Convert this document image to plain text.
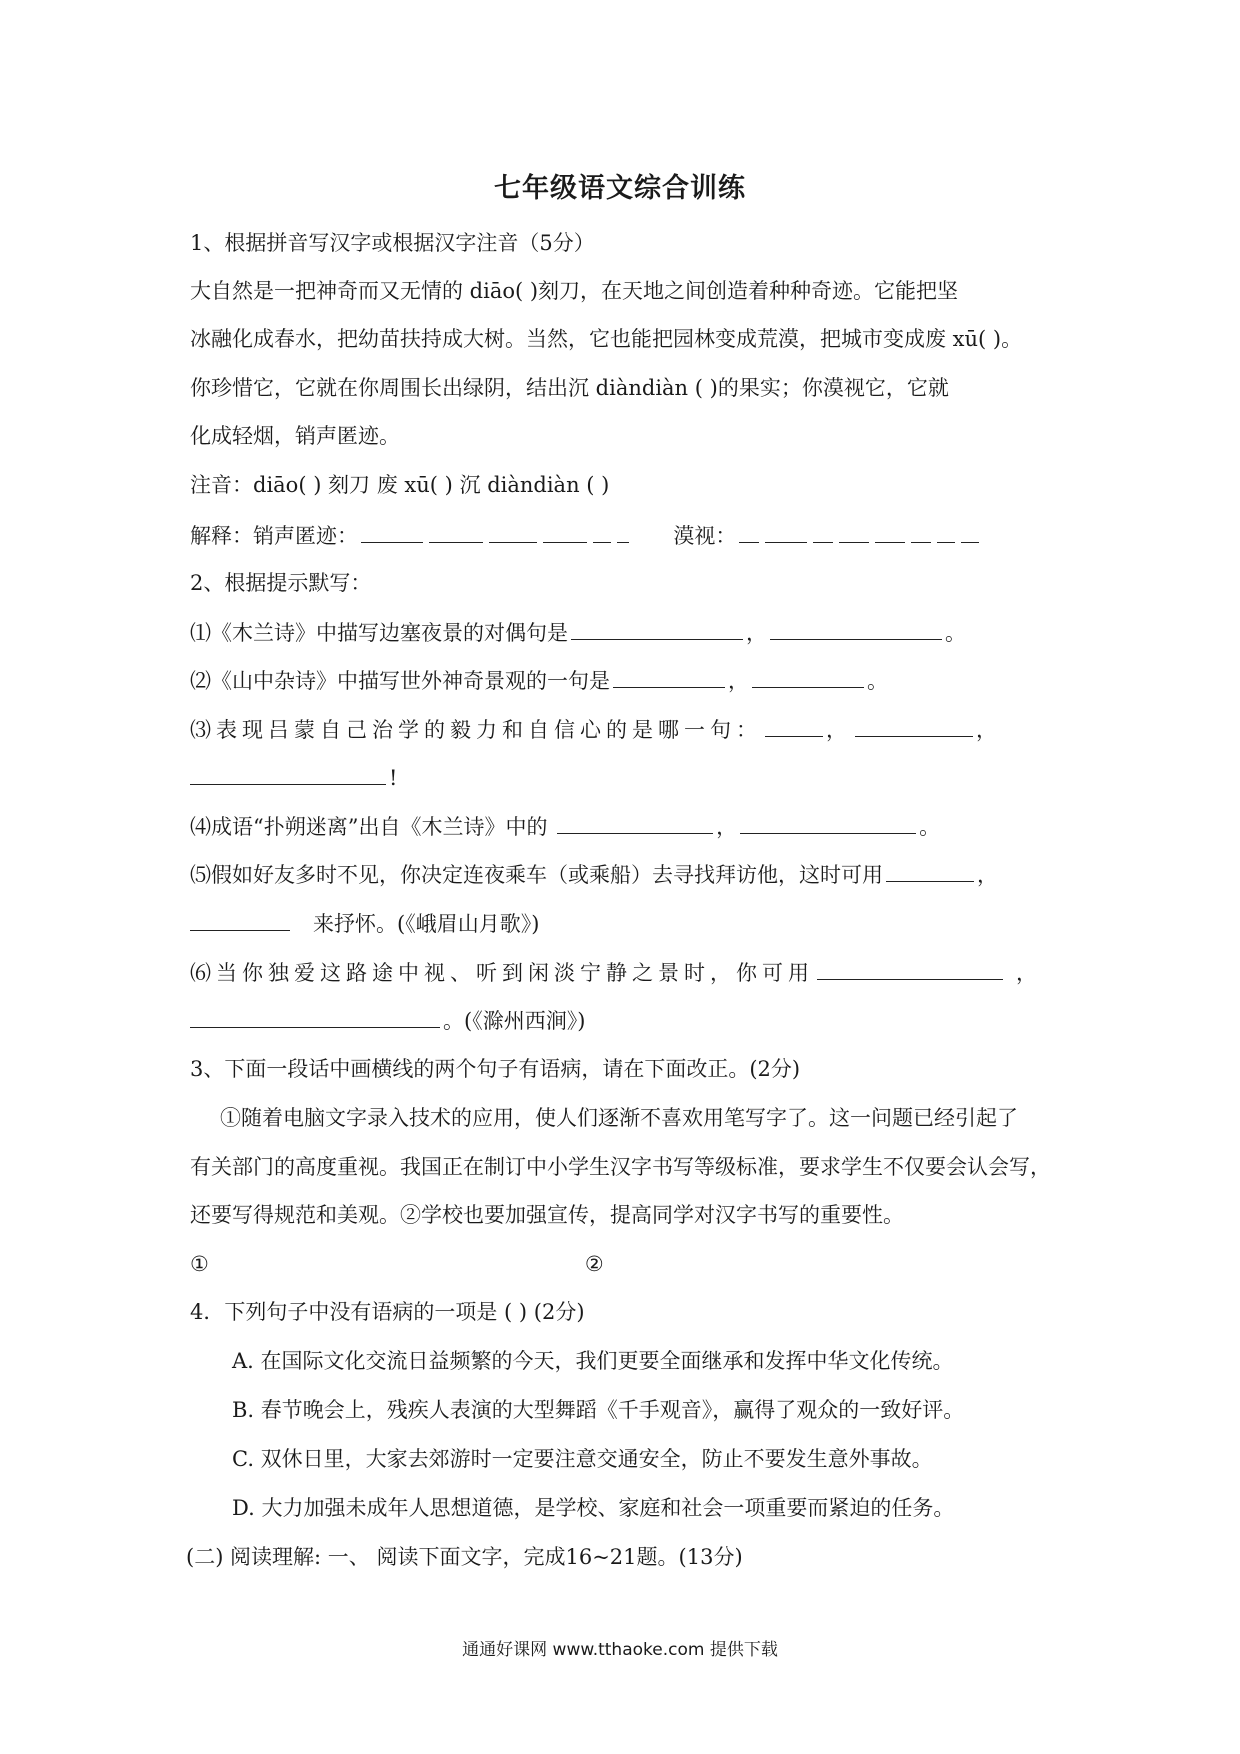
七年级语文综合训练
1、根据拼音写汉字或根据汉字注音（5分）
大自然是一把神奇而又无情的 diāo( )刻刀，在天地之间创造着种种奇迹。它能把坚
冰融化成春水，把幼苗扶持成大树。当然，它也能把园林变成荒漠，把城市变成废 xū( )。
你珍惜它，它就在你周围长出绿阴，结出沉 diàndiàn ( )的果实；你漠视它，它就
化成轻烟，销声匿迹。
注音：diāo( ) 刻刀 废 xū( ) 沉 diàndiàn ( )
解释：销声匿迹：	漠视：
2、根据提示默写：
⑴《木兰诗》中描写边塞夜景的对偶句是	，	。
⑵《山中杂诗》中描写世外神奇景观的一句是	，	。
⑶表现吕蒙自己治学的毅力和自信心的是哪一句：	，	，
!
⑷成语“扑朔迷离”出自《木兰诗》中的	，	。
⑸假如好友多时不见，你决定连夜乘车（或乘船）去寻找拜访他，这时可用	，
来抒怀。(《峨眉山月歌》)
⑹当你独爱这路途中视、听到闲淡宁静之景时，你可用	，
。(《滁州西涧》)
3、下面一段话中画横线的两个句子有语病，请在下面改正。(2分)
①随着电脑文字录入技术的应用，使人们逐渐不喜欢用笔写字了。这一问题已经引起了
有关部门的高度重视。我国正在制订中小学生汉字书写等级标准，要求学生不仅要会认会写，
还要写得规范和美观。②学校也要加强宣传，提高同学对汉字书写的重要性。
①	②
4．下列句子中没有语病的一项是 ( ) (2分)
A. 在国际文化交流日益频繁的今天，我们更要全面继承和发挥中华文化传统。
B. 春节晚会上，残疾人表演的大型舞蹈《千手观音》，赢得了观众的一致好评。
C. 双休日里，大家去郊游时一定要注意交通安全，防止不要发生意外事故。
D. 大力加强未成年人思想道德，是学校、家庭和社会一项重要而紧迫的任务。
(二) 阅读理解: 一、 阅读下面文字，完成16~21题。(13分)
通通好课网 www.tthaoke.com 提供下载
